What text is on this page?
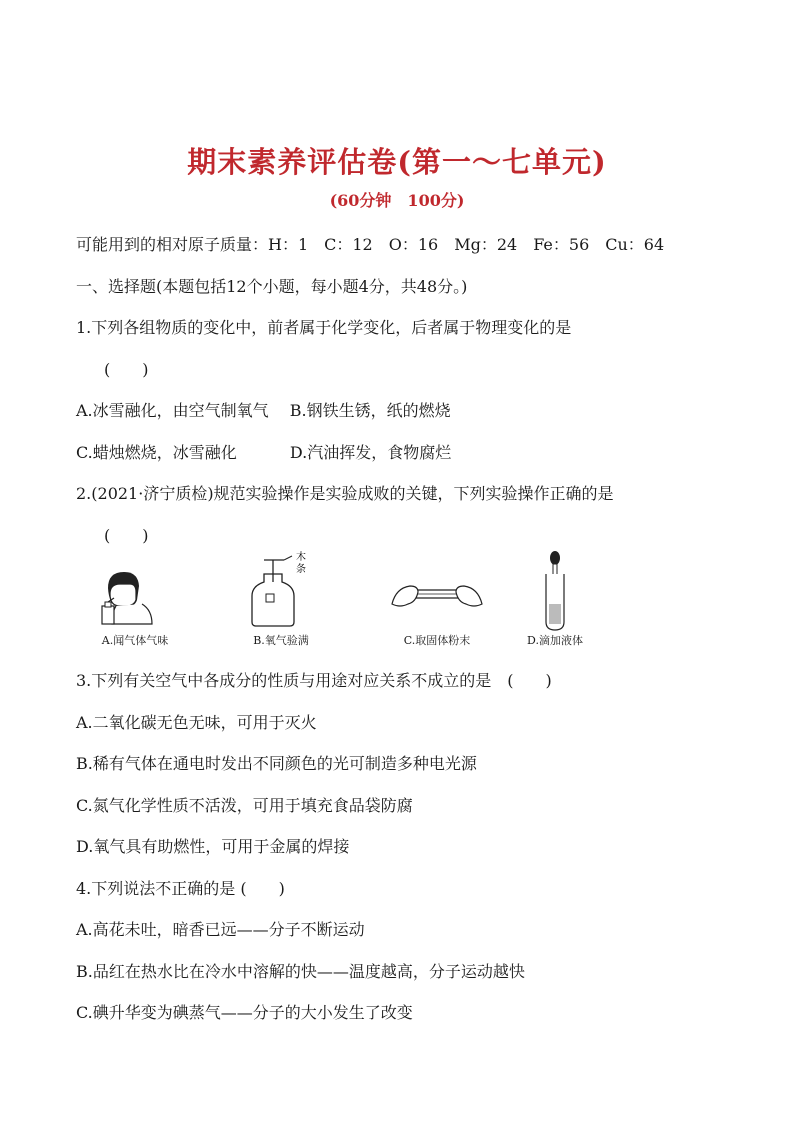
期末素养评估卷(第一～七单元)
(60分钟　100分)
可能用到的相对原子质量：H：1　C：12　O：16　Mg：24　Fe：56　Cu：64
一、选择题(本题包括12个小题，每小题4分，共48分。)
1.下列各组物质的变化中，前者属于化学变化，后者属于物理变化的是
(　　)
A.冰雪融化，由空气制氧气　 B.钢铁生锈，纸的燃烧
C.蜡烛燃烧，冰雪融化　　　 D.汽油挥发，食物腐烂
2.(2021·济宁质检)规范实验操作是实验成败的关键，下列实验操作正确的是
(　　)
A.闻气体气味
木
条
B.氧气验满	C.取固体粉末	D.滴加液体
3.下列有关空气中各成分的性质与用途对应关系不成立的是　(　　)
A.二氧化碳无色无味，可用于灭火
B.稀有气体在通电时发出不同颜色的光可制造多种电光源
C.氮气化学性质不活泼，可用于填充食品袋防腐
D.氧气具有助燃性，可用于金属的焊接
4.下列说法不正确的是 (　　)
A.高花未吐，暗香已远——分子不断运动
B.品红在热水比在冷水中溶解的快——温度越高，分子运动越快
C.碘升华变为碘蒸气——分子的大小发生了改变
